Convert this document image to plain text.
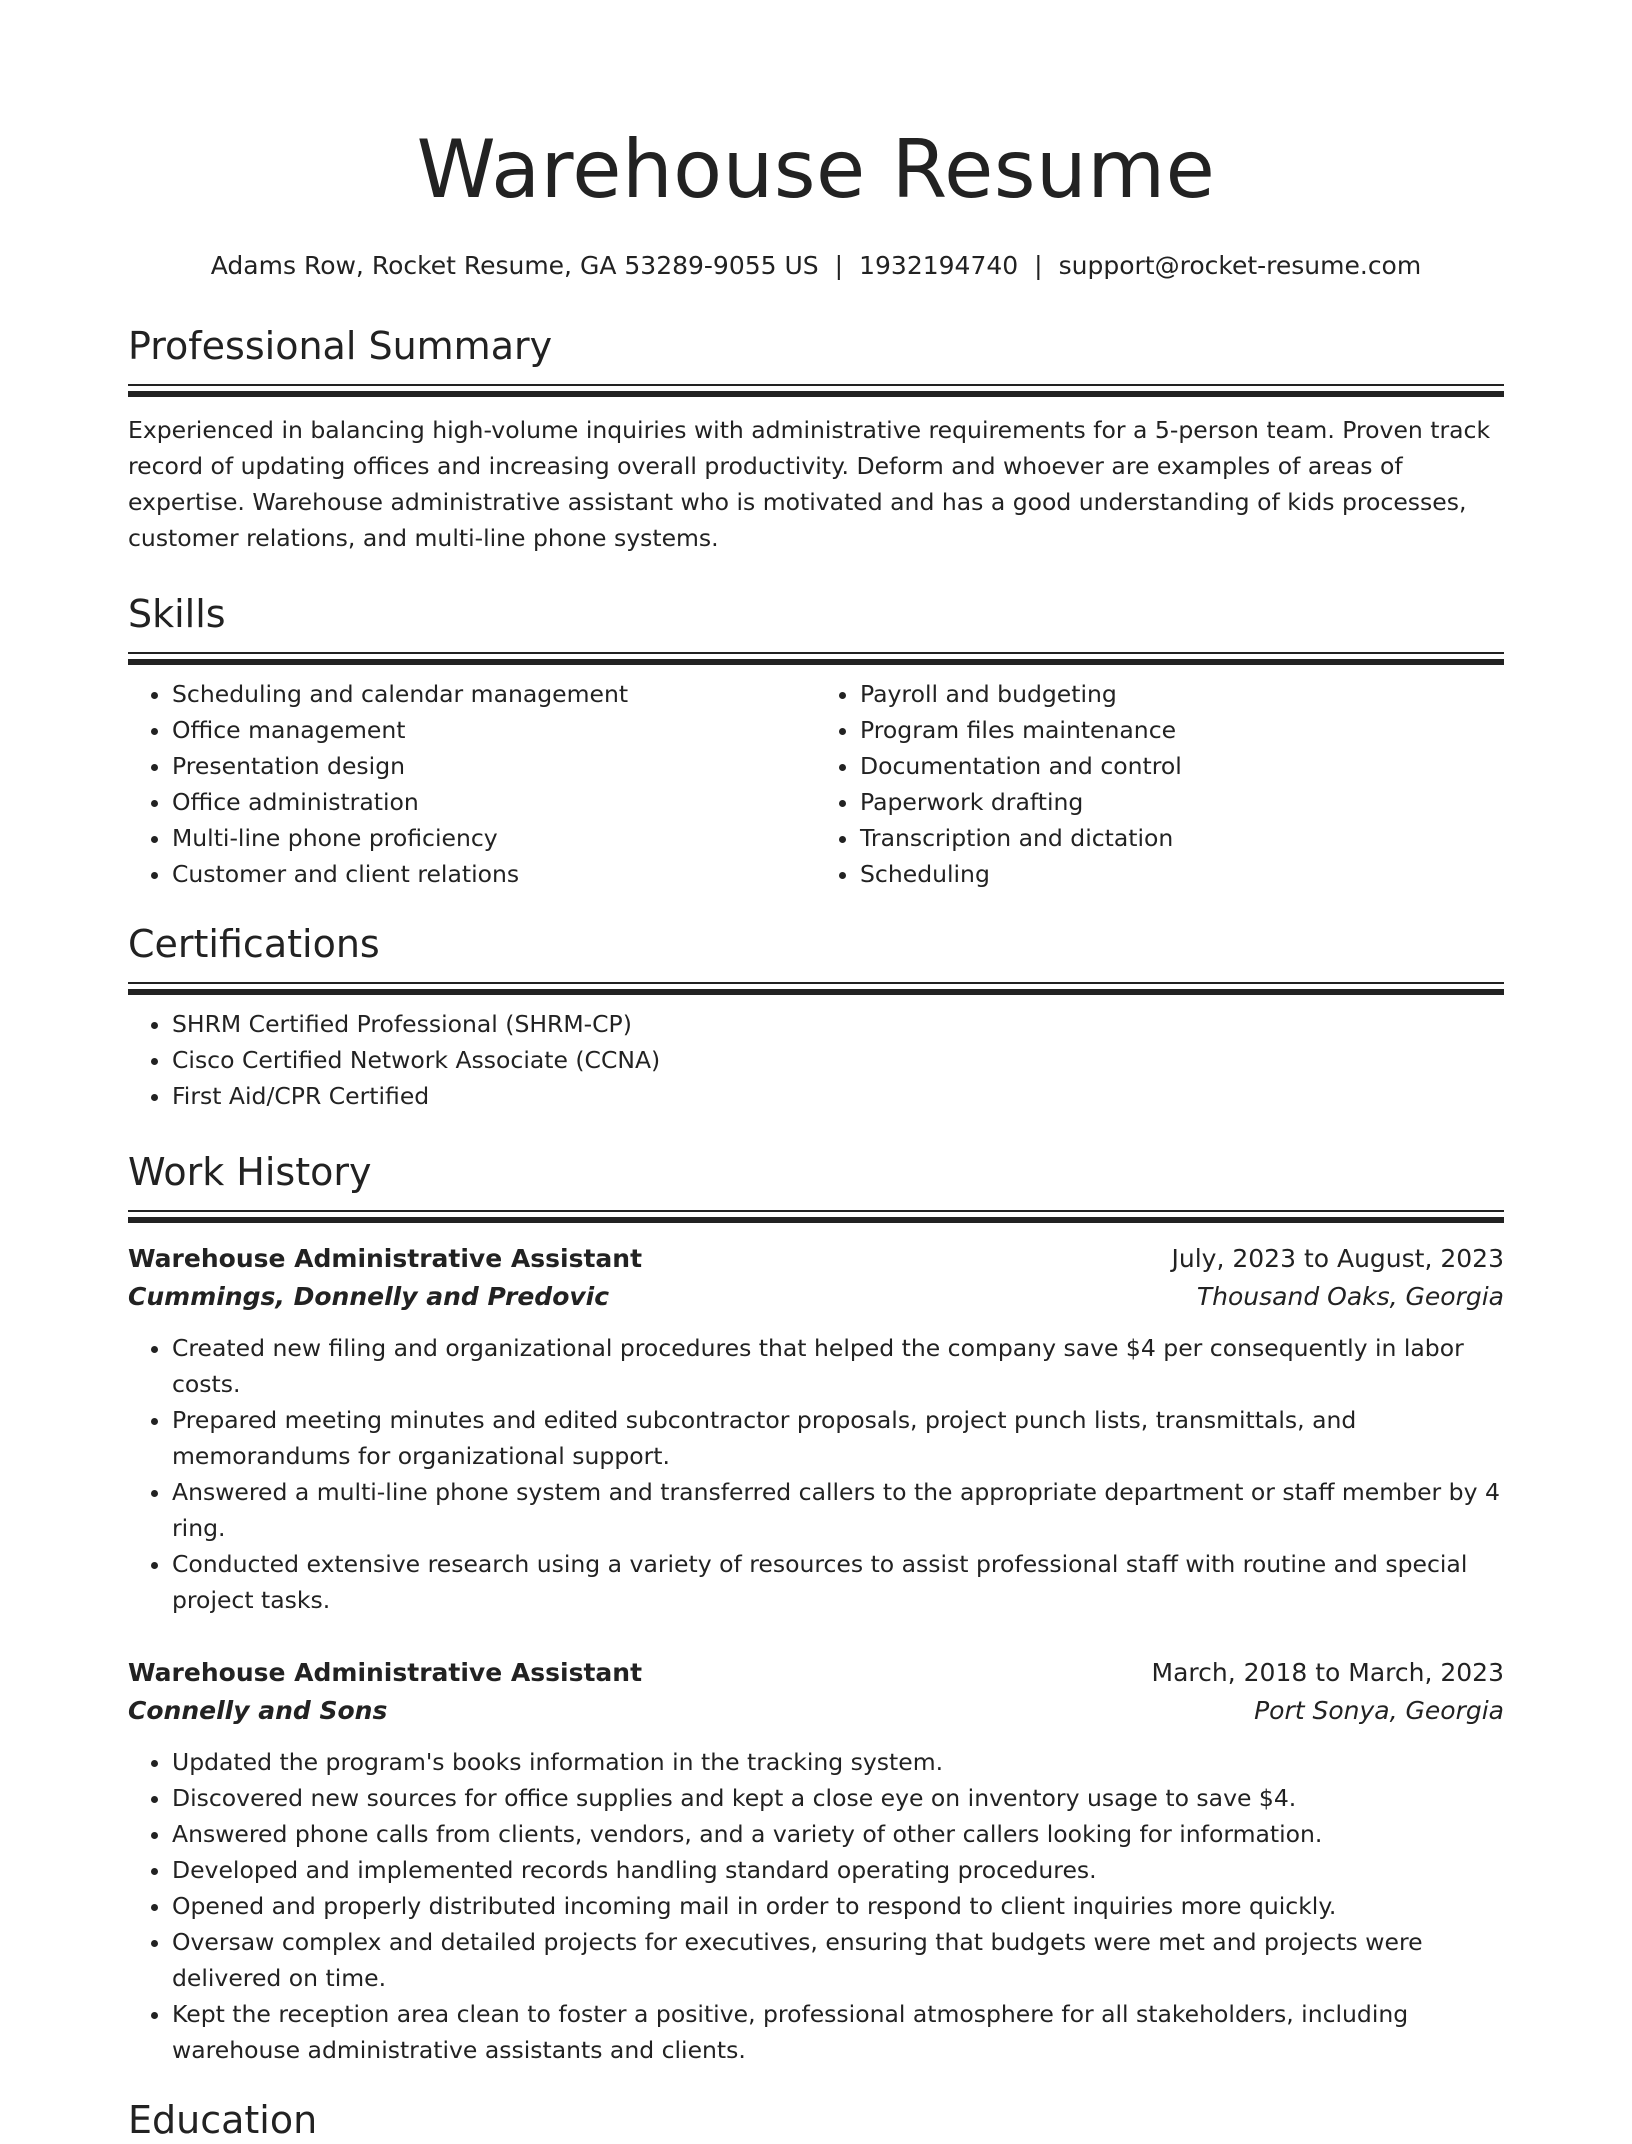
Warehouse Resume
Adams Row, Rocket Resume, GA 53289-9055 US | 1932194740 | support@rocket-resume.com
Professional Summary
Experienced in balancing high-volume inquiries with administrative requirements for a 5-person team. Proven track record of updating offices and increasing overall productivity. Deform and whoever are examples of areas of expertise. Warehouse administrative assistant who is motivated and has a good understanding of kids processes, customer relations, and multi-line phone systems.
Skills
• Scheduling and calendar management
• Office management
• Presentation design
• Office administration
• Multi-line phone proficiency
• Customer and client relations
• Payroll and budgeting
• Program files maintenance
• Documentation and control
• Paperwork drafting
• Transcription and dictation
• Scheduling
Certifications
• SHRM Certified Professional (SHRM-CP)
• Cisco Certified Network Associate (CCNA)
• First Aid/CPR Certified
Work History
Warehouse Administrative Assistant	July, 2023 to August, 2023
Cummings, Donnelly and Predovic	Thousand Oaks, Georgia
• Created new filing and organizational procedures that helped the company save $4 per consequently in labor costs.
• Prepared meeting minutes and edited subcontractor proposals, project punch lists, transmittals, and memorandums for organizational support.
• Answered a multi-line phone system and transferred callers to the appropriate department or staff member by 4 ring.
• Conducted extensive research using a variety of resources to assist professional staff with routine and special project tasks.
Warehouse Administrative Assistant	March, 2018 to March, 2023
Connelly and Sons	Port Sonya, Georgia
• Updated the program's books information in the tracking system.
• Discovered new sources for office supplies and kept a close eye on inventory usage to save $4.
• Answered phone calls from clients, vendors, and a variety of other callers looking for information.
• Developed and implemented records handling standard operating procedures.
• Opened and properly distributed incoming mail in order to respond to client inquiries more quickly.
• Oversaw complex and detailed projects for executives, ensuring that budgets were met and projects were delivered on time.
• Kept the reception area clean to foster a positive, professional atmosphere for all stakeholders, including warehouse administrative assistants and clients.
Education
